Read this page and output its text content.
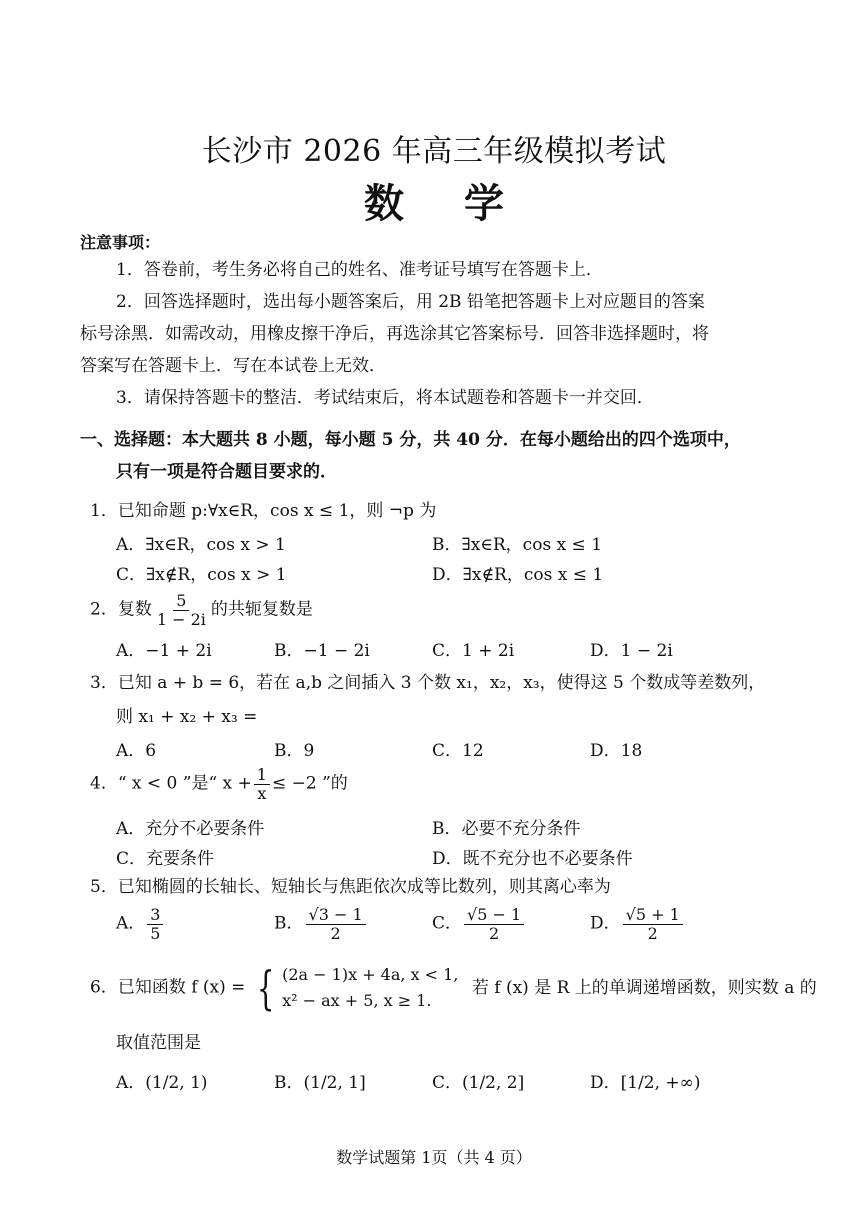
长沙市 2026 年高三年级模拟考试
数学
注意事项：
1．答卷前，考生务必将自己的姓名、准考证号填写在答题卡上．
2．回答选择题时，选出每小题答案后，用 2B 铅笔把答题卡上对应题目的答案
标号涂黑．如需改动，用橡皮擦干净后，再选涂其它答案标号．回答非选择题时，将
答案写在答题卡上．写在本试卷上无效．
3．请保持答题卡的整洁．考试结束后，将本试题卷和答题卡一并交回．
一、选择题：本大题共 8 小题，每小题 5 分，共 40 分．在每小题给出的四个选项中，
只有一项是符合题目要求的．
1．已知命题 p:∀x∈R，cos x ≤ 1，则 ¬p 为
A．∃x∈R，cos x > 1	B．∃x∈R，cos x ≤ 1
C．∃x∉R，cos x > 1	D．∃x∉R，cos x ≤ 1
2．复数 $\frac{5}{1 - 2i}$ 的共轭复数是
A．−1 + 2i	B．−1 − 2i	C．1 + 2i	D．1 − 2i
3．已知 a + b = 6，若在 a,b 之间插入 3 个数 x₁，x₂，x₃，使得这 5 个数成等差数列，
则 x₁ + x₂ + x₃ =
A．6	B．9	C．12	D．18
4．“ x < 0 ”是“ $x + \frac{1}{x} \le -2$ ”的
A．充分不必要条件	B．必要不充分条件
C．充要条件	D．既不充分也不必要条件
5．已知椭圆的长轴长、短轴长与焦距依次成等比数列，则其离心率为
A． $\frac{3}{5}$	B． $\frac{√3 - 1}{2}$	C． $\frac{√5 - 1}{2}$	D． $\frac{√5 + 1}{2}$
6．已知函数 f (x) = { (2a − 1)x + 4a, x < 1,
x² − ax + 5, x ≥ 1.
若 f (x) 是 R 上的单调递增函数，则实数 a 的
取值范围是
A．(1/2, 1)	B．(1/2, 1]	C．(1/2, 2]	D．[1/2, +∞)
数学试题第 1页（共 4 页）
